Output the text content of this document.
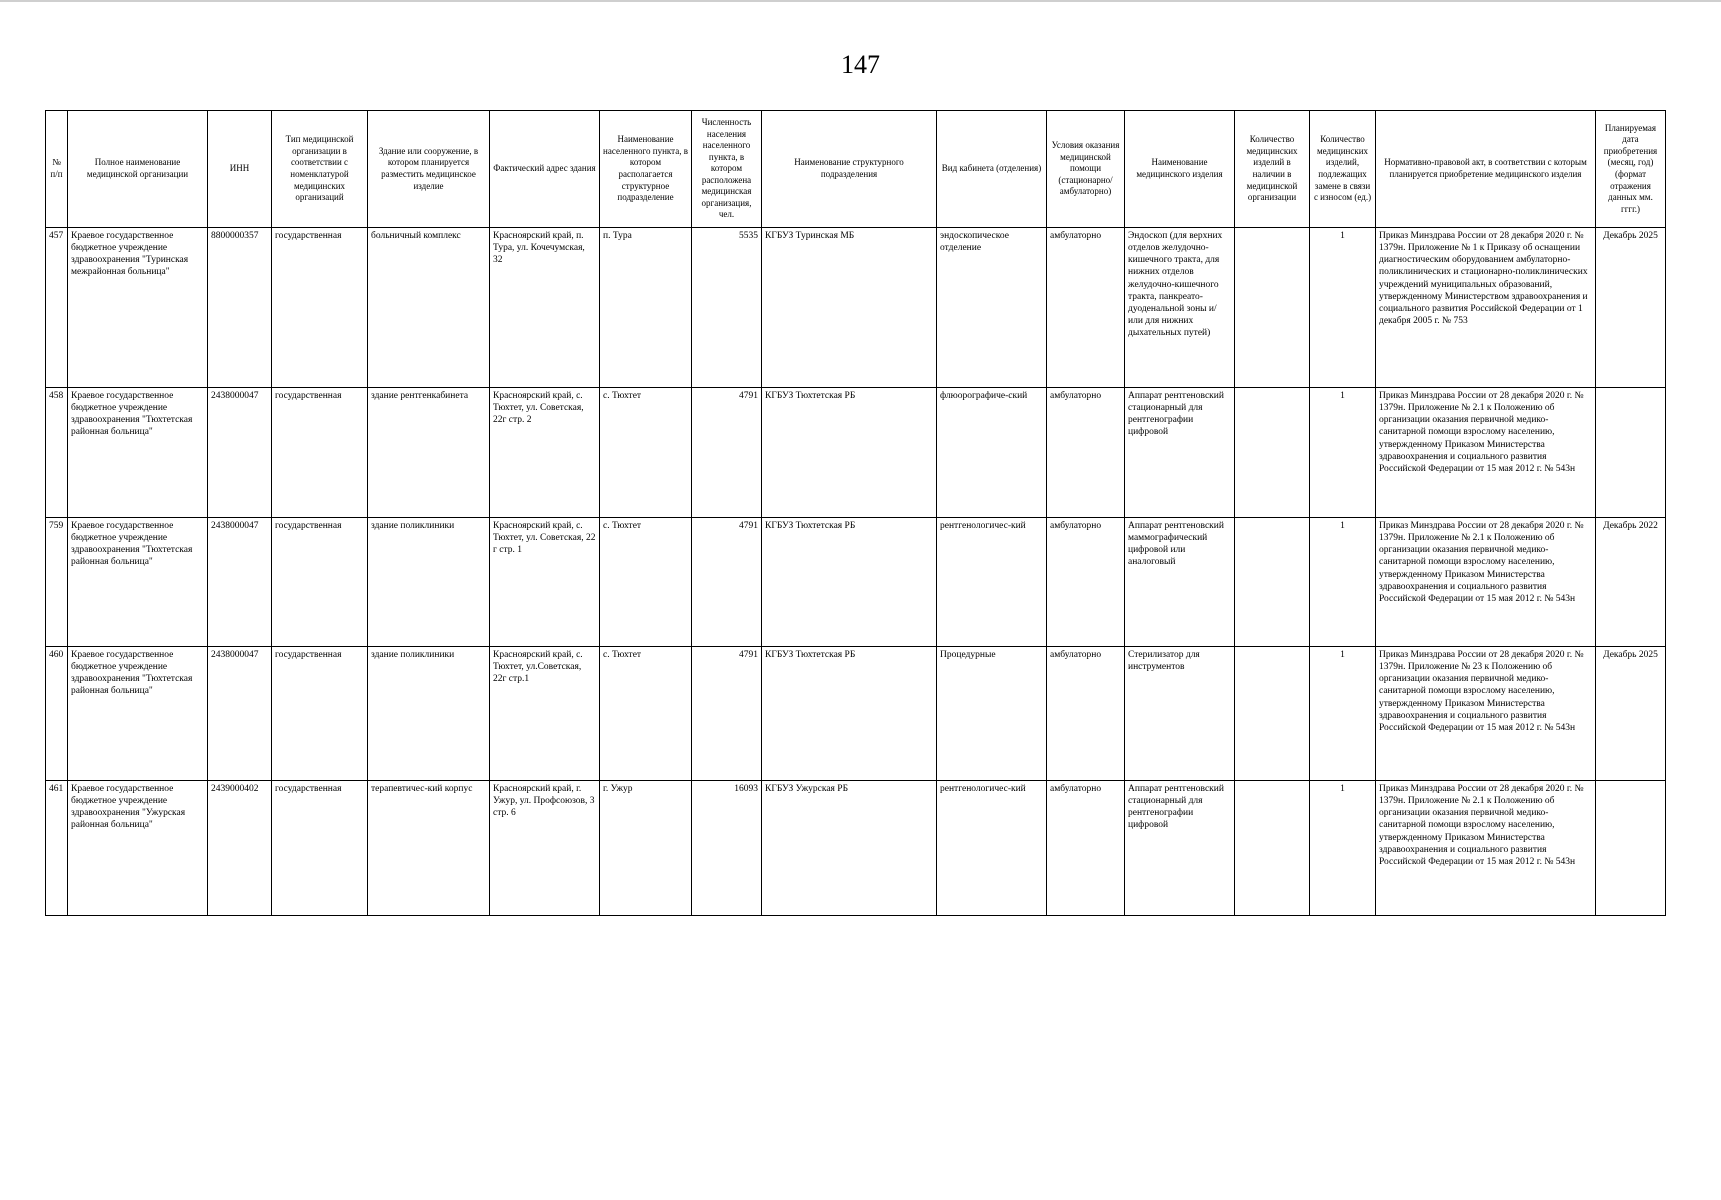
147
№ п/п	Полное наименование медицинской организации	ИНН	Тип медицинской организации в соответствии с номенклатурой медицинских организаций	Здание или сооружение, в котором планируется разместить медицинское изделие	Фактический адрес здания	Наименование населенного пункта, в котором располагается структурное подразделение	Численность населения населенного пункта, в котором расположена медицинская организация, чел.	Наименование структурного подразделения	Вид кабинета (отделения)	Условия оказания медицинской помощи (стационарно/ амбулаторно)	Наименование медицинского изделия	Количество медицинских изделий в наличии в медицинской организации	Количество медицинских изделий, подлежащих замене в связи с износом (ед.)	Нормативно-правовой акт, в соответствии с которым планируется приобретение медицинского изделия	Планируемая дата приобретения (месяц, год) (формат отражения данных мм. гггг.)
457	Краевое государственное бюджетное учреждение здравоохранения "Туринская межрайонная больница"	8800000357	государственная	больничный комплекс	Красноярский край, п. Тура, ул. Кочечумская, 32	п. Тура	5535	КГБУЗ Туринская МБ	эндоскопическое отделение	амбулаторно	Эндоскоп (для верхних отделов желудочно-кишечного тракта, для нижних отделов желудочно-кишечного тракта, панкреато-дуоденальной зоны и/или для нижних дыхательных путей)		1	Приказ Минздрава России от 28 декабря 2020 г. № 1379н. Приложение № 1 к Приказу об оснащении диагностическим оборудованием амбулаторно-поликлинических и стационарно-поликлинических учреждений муниципальных образований, утвержденному Министерством здравоохранения и социального развития Российской Федерации от 1 декабря 2005 г. № 753	Декабрь 2025
458	Краевое государственное бюджетное учреждение здравоохранения "Тюхтетская районная больница"	2438000047	государственная	здание рентгенкабинета	Красноярский край, с. Тюхтет, ул. Советская, 22г стр. 2	с. Тюхтет	4791	КГБУЗ Тюхтетская РБ	флюорографиче-ский	амбулаторно	Аппарат рентгеновский стационарный для рентгенографии цифровой		1	Приказ Минздрава России от 28 декабря 2020 г. № 1379н. Приложение № 2.1 к Положению об организации оказания первичной медико-санитарной помощи взрослому населению, утвержденному Приказом Министерства здравоохранения и социального развития Российской Федерации от 15 мая 2012 г. № 543н	
759	Краевое государственное бюджетное учреждение здравоохранения "Тюхтетская районная больница"	2438000047	государственная	здание поликлиники	Красноярский край, с. Тюхтет, ул. Советская, 22 г стр. 1	с. Тюхтет	4791	КГБУЗ Тюхтетская РБ	рентгенологичес-кий	амбулаторно	Аппарат рентгеновский маммографический цифровой или аналоговый		1	Приказ Минздрава России от 28 декабря 2020 г. № 1379н. Приложение № 2.1 к Положению об организации оказания первичной медико-санитарной помощи взрослому населению, утвержденному Приказом Министерства здравоохранения и социального развития Российской Федерации от 15 мая 2012 г. № 543н	Декабрь 2022
460	Краевое государственное бюджетное учреждение здравоохранения "Тюхтетская районная больница"	2438000047	государственная	здание поликлиники	Красноярский край, с. Тюхтет, ул.Советская, 22г стр.1	с. Тюхтет	4791	КГБУЗ Тюхтетская РБ	Процедурные	амбулаторно	Стерилизатор для инструментов		1	Приказ Минздрава России от 28 декабря 2020 г. № 1379н. Приложение № 23 к Положению об организации оказания первичной медико-санитарной помощи взрослому населению, утвержденному Приказом Министерства здравоохранения и социального развития Российской Федерации от 15 мая 2012 г. № 543н	Декабрь 2025
461	Краевое государственное бюджетное учреждение здравоохранения "Ужурская районная больница"	2439000402	государственная	терапевтичес-кий корпус	Красноярский край, г. Ужур, ул. Профсоюзов, 3 стр. 6	г. Ужур	16093	КГБУЗ Ужурская РБ	рентгенологичес-кий	амбулаторно	Аппарат рентгеновский стационарный для рентгенографии цифровой		1	Приказ Минздрава России от 28 декабря 2020 г. № 1379н. Приложение № 2.1 к Положению об организации оказания первичной медико-санитарной помощи взрослому населению, утвержденному Приказом Министерства здравоохранения и социального развития Российской Федерации от 15 мая 2012 г. № 543н	
